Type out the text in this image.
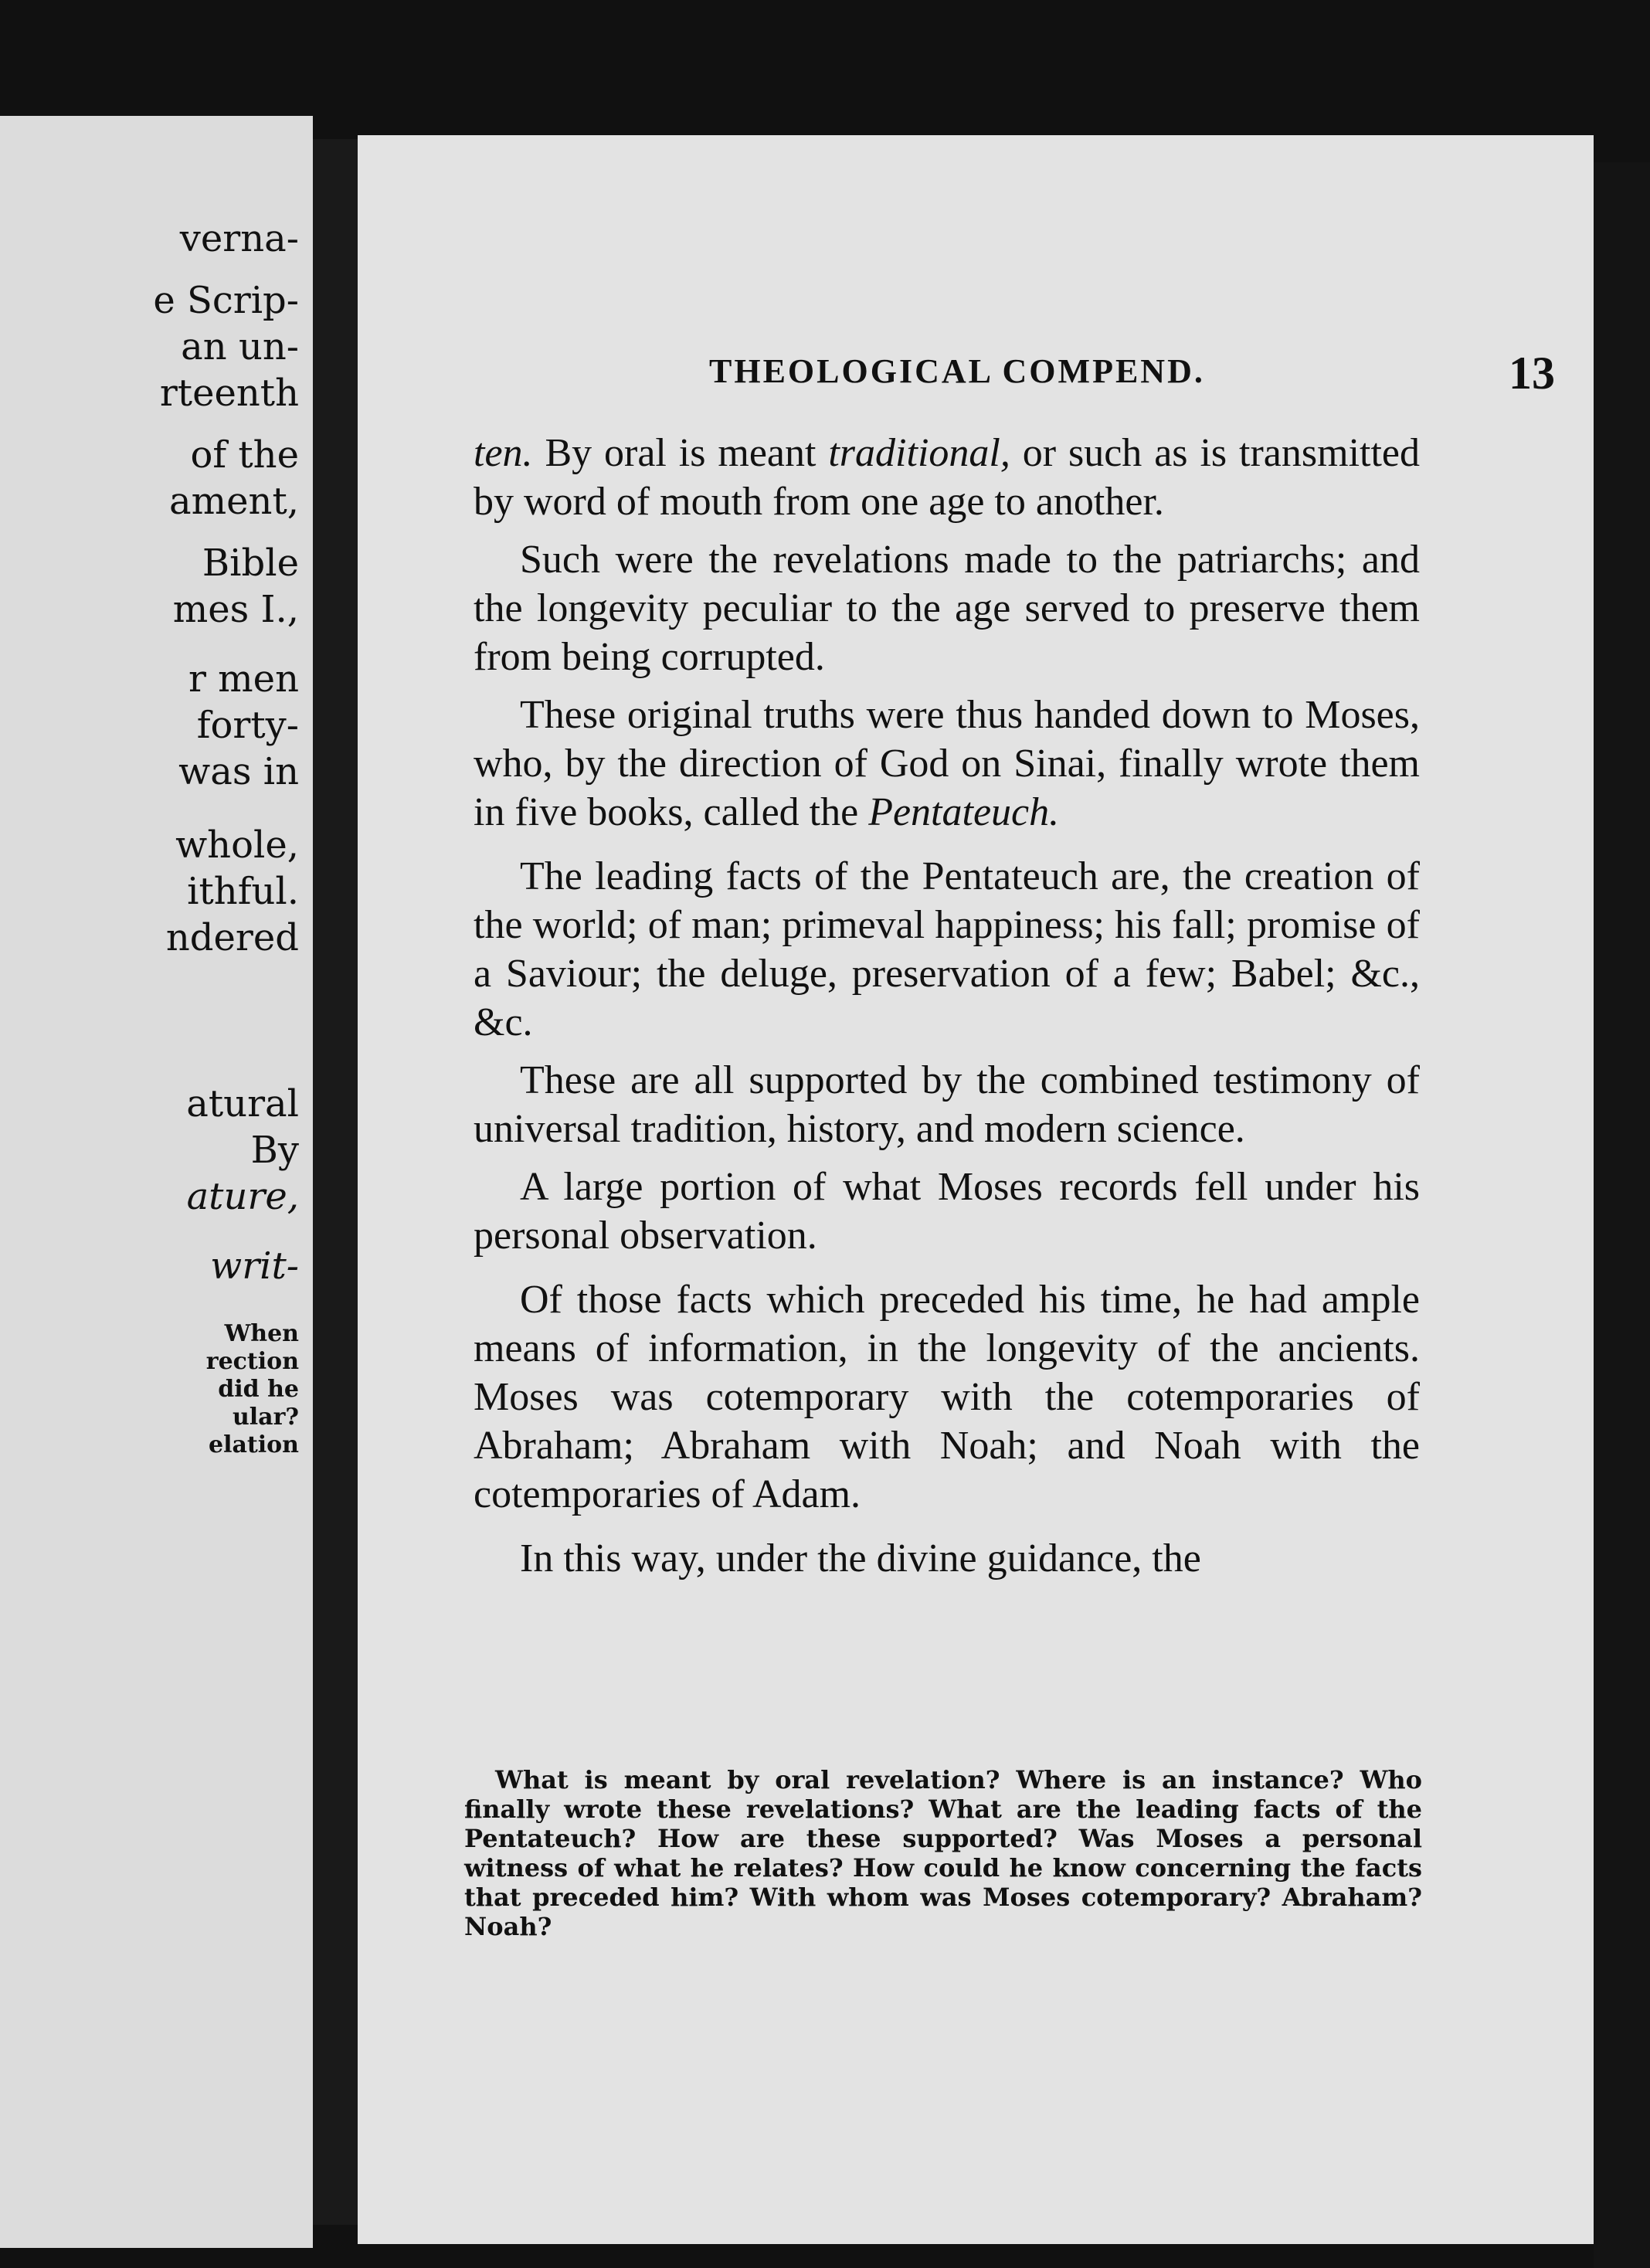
verna-

e Scrip-

an un-

rteenth

of the

ament,

Bible

mes I.,

r men

forty-

was in

whole,

ithful.

ndered

atural

By

ature,

writ-

When

rection

did he

ular?

elation

THEOLOGICAL COMPEND.	13

ten. By oral is meant traditional, or such as is transmitted by word of mouth from one age to another.

Such were the revelations made to the patriarchs; and the longevity peculiar to the age served to preserve them from being corrupted.

These original truths were thus handed down to Moses, who, by the direction of God on Sinai, finally wrote them in five books, called the Pentateuch.

The leading facts of the Pentateuch are, the creation of the world; of man; primeval happiness; his fall; promise of a Saviour; the deluge, preservation of a few; Babel; &c., &c.

These are all supported by the combined testimony of universal tradition, history, and modern science.

A large portion of what Moses records fell under his personal observation.

Of those facts which preceded his time, he had ample means of information, in the longevity of the ancients. Moses was cotemporary with the cotemporaries of Abraham; Abraham with Noah; and Noah with the cotemporaries of Adam.

In this way, under the divine guidance, the

What is meant by oral revelation? Where is an instance? Who finally wrote these revelations? What are the leading facts of the Pentateuch? How are these supported? Was Moses a personal witness of what he relates? How could he know concerning the facts that preceded him? With whom was Moses cotemporary? Abraham? Noah?
